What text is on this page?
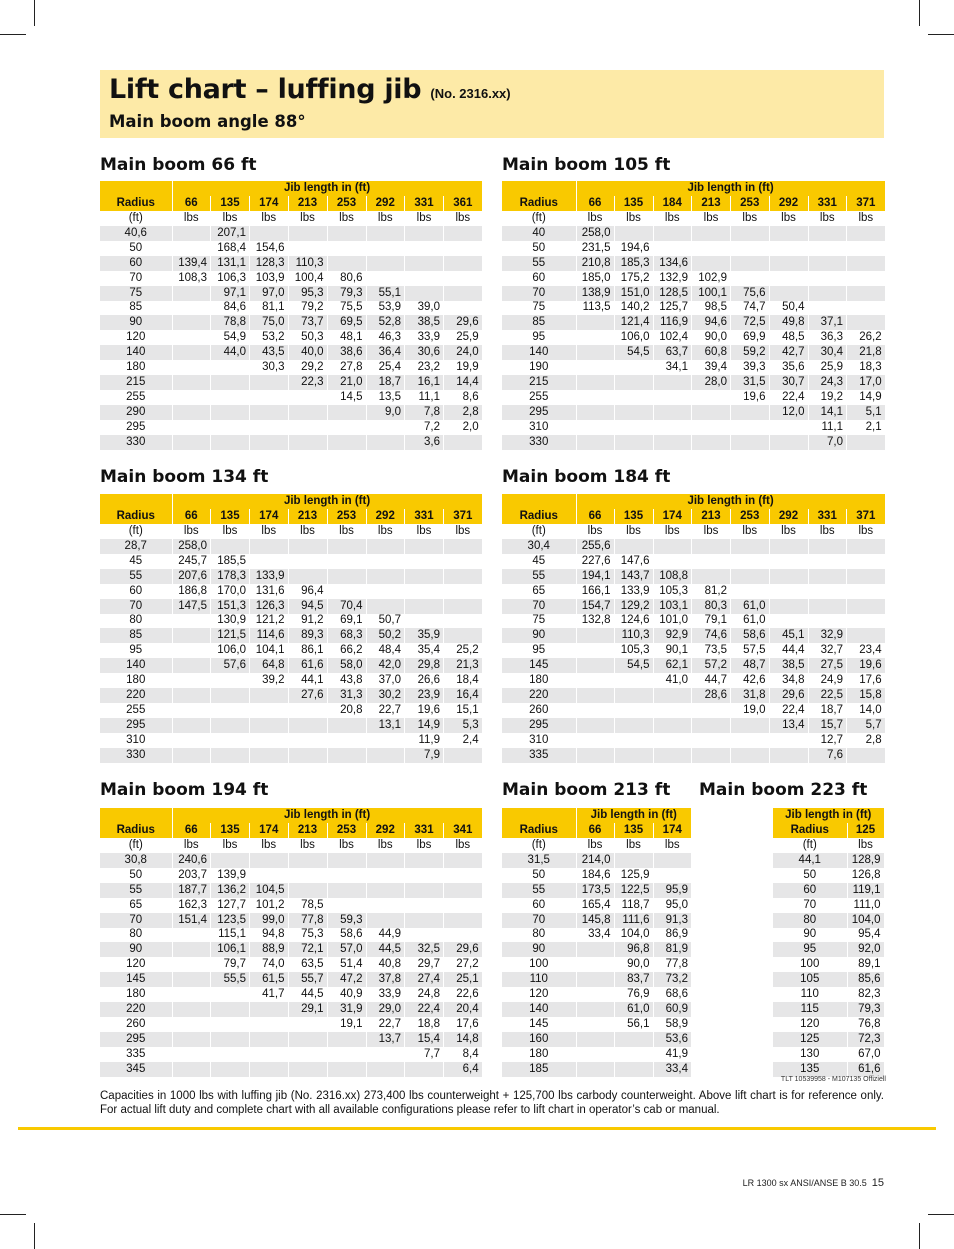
Lift chart – luffing jib (No. 2316.xx)
Main boom angle 88°
Main boom 66 ft
	Jib length in (ft)							
Radius	66	135	174	213	253	292	331	361
(ft)	lbs	lbs	lbs	lbs	lbs	lbs	lbs	lbs
40,6		207,1						
50		168,4	154,6					
60	139,4	131,1	128,3	110,3				
70	108,3	106,3	103,9	100,4	80,6			
75		97,1	97,0	95,3	79,3	55,1		
85		84,6	81,1	79,2	75,5	53,9	39,0	
90		78,8	75,0	73,7	69,5	52,8	38,5	29,6
120		54,9	53,2	50,3	48,1	46,3	33,9	25,9
140		44,0	43,5	40,0	38,6	36,4	30,6	24,0
180			30,3	29,2	27,8	25,4	23,2	19,9
215				22,3	21,0	18,7	16,1	14,4
255					14,5	13,5	11,1	8,6
290						9,0	7,8	2,8
295							7,2	2,0
330							3,6	
Main boom 105 ft
	Jib length in (ft)							
Radius	66	135	184	213	253	292	331	371
(ft)	lbs	lbs	lbs	lbs	lbs	lbs	lbs	lbs
40	258,0							
50	231,5	194,6						
55	210,8	185,3	134,6					
60	185,0	175,2	132,9	102,9				
70	138,9	151,0	128,5	100,1	75,6			
75	113,5	140,2	125,7	98,5	74,7	50,4		
85		121,4	116,9	94,6	72,5	49,8	37,1	
95		106,0	102,4	90,0	69,9	48,5	36,3	26,2
140		54,5	63,7	60,8	59,2	42,7	30,4	21,8
190			34,1	39,4	39,3	35,6	25,9	18,3
215				28,0	31,5	30,7	24,3	17,0
255					19,6	22,4	19,2	14,9
295						12,0	14,1	5,1
310							11,1	2,1
330							7,0	
Main boom 134 ft
	Jib length in (ft)							
Radius	66	135	174	213	253	292	331	371
(ft)	lbs	lbs	lbs	lbs	lbs	lbs	lbs	lbs
28,7	258,0							
45	245,7	185,5						
55	207,6	178,3	133,9					
60	186,8	170,0	131,6	96,4				
70	147,5	151,3	126,3	94,5	70,4			
80		130,9	121,2	91,2	69,1	50,7		
85		121,5	114,6	89,3	68,3	50,2	35,9	
95		106,0	104,1	86,1	66,2	48,4	35,4	25,2
140		57,6	64,8	61,6	58,0	42,0	29,8	21,3
180			39,2	44,1	43,8	37,0	26,6	18,4
220				27,6	31,3	30,2	23,9	16,4
255					20,8	22,7	19,6	15,1
295						13,1	14,9	5,3
310							11,9	2,4
330							7,9	
Main boom 184 ft
	Jib length in (ft)							
Radius	66	135	174	213	253	292	331	371
(ft)	lbs	lbs	lbs	lbs	lbs	lbs	lbs	lbs
30,4	255,6							
45	227,6	147,6						
55	194,1	143,7	108,8					
65	166,1	133,9	105,3	81,2				
70	154,7	129,2	103,1	80,3	61,0			
75	132,8	124,6	101,0	79,1	61,0			
90		110,3	92,9	74,6	58,6	45,1	32,9	
95		105,3	90,1	73,5	57,5	44,4	32,7	23,4
145		54,5	62,1	57,2	48,7	38,5	27,5	19,6
180			41,0	44,7	42,6	34,8	24,9	17,6
220				28,6	31,8	29,6	22,5	15,8
260					19,0	22,4	18,7	14,0
295						13,4	15,7	5,7
310							12,7	2,8
335							7,6	
Main boom 194 ft
	Jib length in (ft)							
Radius	66	135	174	213	253	292	331	341
(ft)	lbs	lbs	lbs	lbs	lbs	lbs	lbs	lbs
30,8	240,6							
50	203,7	139,9						
55	187,7	136,2	104,5					
65	162,3	127,7	101,2	78,5				
70	151,4	123,5	99,0	77,8	59,3			
80		115,1	94,8	75,3	58,6	44,9		
90		106,1	88,9	72,1	57,0	44,5	32,5	29,6
120		79,7	74,0	63,5	51,4	40,8	29,7	27,2
145		55,5	61,5	55,7	47,2	37,8	27,4	25,1
180			41,7	44,5	40,9	33,9	24,8	22,6
220				29,1	31,9	29,0	22,4	20,4
260					19,1	22,7	18,8	17,6
295						13,7	15,4	14,8
335							7,7	8,4
345								6,4
Main boom 213 ft
	Jib length in (ft)		
Radius	66	135	174
(ft)	lbs	lbs	lbs
31,5	214,0		
50	184,6	125,9	
55	173,5	122,5	95,9
60	165,4	118,7	95,0
70	145,8	111,6	91,3
80	33,4	104,0	86,9
90		96,8	81,9
100		90,0	77,8
110		83,7	73,2
120		76,9	68,6
140		61,0	60,9
145		56,1	58,9
160			53,6
180			41,9
185			33,4
Main boom 223 ft
Jib length in (ft)	
Radius	125
(ft)	lbs
44,1	128,9
50	126,8
60	119,1
70	111,0
80	104,0
90	95,4
95	92,0
100	89,1
105	85,6
110	82,3
115	79,3
120	76,8
125	72,3
130	67,0
135	61,6
TLT 10539958 - M107135 Offiziell
Capacities in 1000 lbs with luffing jib (No. 2316.xx) 273,400 lbs counterweight + 125,700 lbs carbody counterweight. Above lift chart is for reference only. For actual lift duty and complete chart with all available configurations please refer to lift chart in operator’s cab or manual.
LR 1300 sx ANSI/ANSE B 30.5 15
